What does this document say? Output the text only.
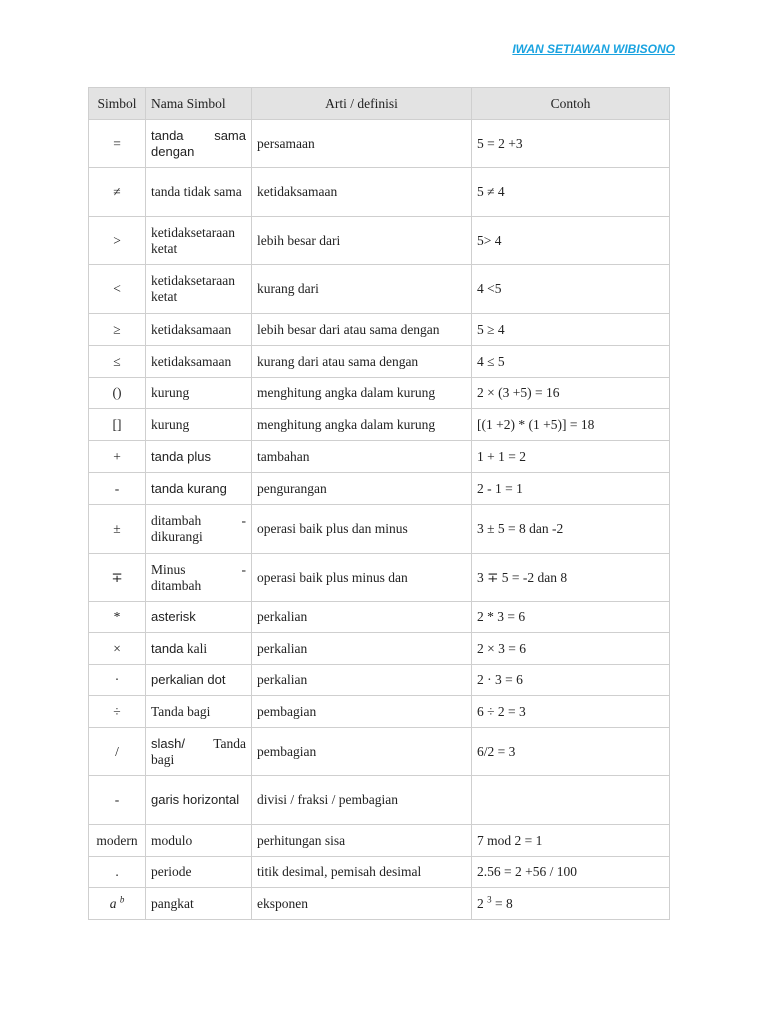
IWAN SETIAWAN WIBISONO
Simbol	Nama Simbol	Arti / definisi	Contoh
=	tanda sama dengan	persamaan	5 = 2 +3
≠	tanda tidak sama	ketidaksamaan	5 ≠ 4
>	ketidaksetaraan ketat	lebih besar dari	5> 4
<	ketidaksetaraan ketat	kurang dari	4 <5
≥	ketidaksamaan	lebih besar dari atau sama dengan	5 ≥ 4
≤	ketidaksamaan	kurang dari atau sama dengan	4 ≤ 5
()	kurung	menghitung angka dalam kurung	2 × (3 +5) = 16
[]	kurung	menghitung angka dalam kurung	[(1 +2) * (1 +5)] = 18
+	tanda plus	tambahan	1 + 1 = 2
-	tanda kurang	pengurangan	2 - 1 = 1
±	ditambah - dikurangi	operasi baik plus dan minus	3 ± 5 = 8 dan -2
∓	Minus - ditambah	operasi baik plus minus dan	3 ∓ 5 = -2 dan 8
*	asterisk	perkalian	2 * 3 = 6
×	tanda kali	perkalian	2 × 3 = 6
·	perkalian dot	perkalian	2 · 3 = 6
÷	Tanda bagi	pembagian	6 ÷ 2 = 3
/	slash/ Tanda bagi	pembagian	6/2 = 3
-	garis horizontal	divisi / fraksi / pembagian	
modern	modulo	perhitungan sisa	7 mod 2 = 1
.	periode	titik desimal, pemisah desimal	2.56 = 2 +56 / 100
a $^b$	pangkat	eksponen	2 $^3$ = 8
